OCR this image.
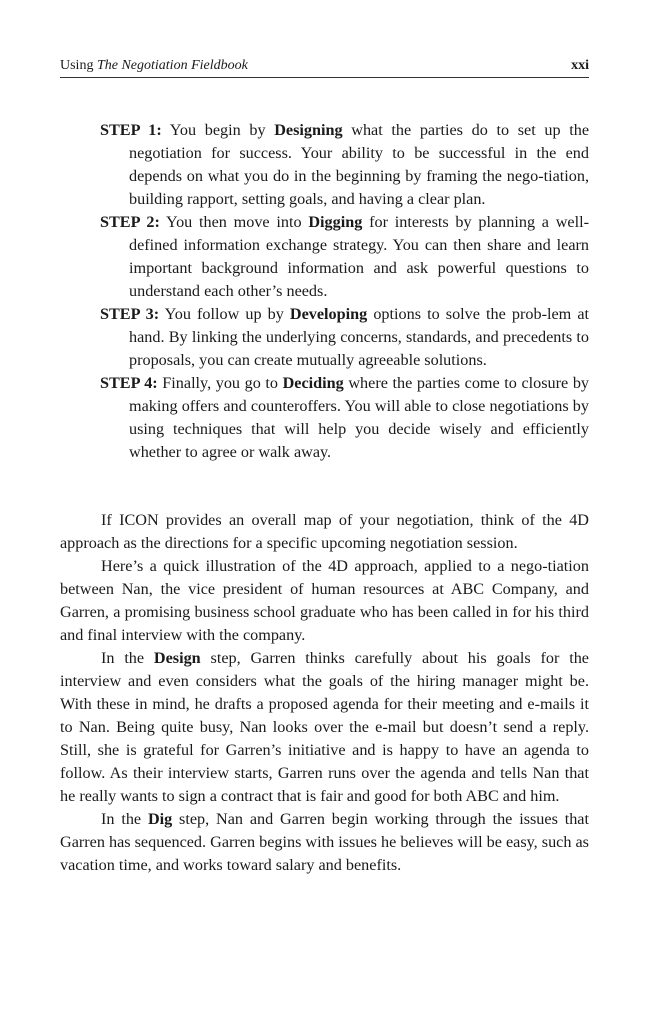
Using The Negotiation Fieldbook	xxi

STEP 1: You begin by Designing what the parties do to set up the negotiation for success. Your ability to be successful in the end depends on what you do in the beginning by framing the nego-tiation, building rapport, setting goals, and having a clear plan.

STEP 2: You then move into Digging for interests by planning a well-defined information exchange strategy. You can then share and learn important background information and ask powerful questions to understand each other’s needs.

STEP 3: You follow up by Developing options to solve the prob-lem at hand. By linking the underlying concerns, standards, and precedents to proposals, you can create mutually agreeable solutions.

STEP 4: Finally, you go to Deciding where the parties come to closure by making offers and counteroffers. You will able to close negotiations by using techniques that will help you decide wisely and efficiently whether to agree or walk away.

If ICON provides an overall map of your negotiation, think of the 4D approach as the directions for a specific upcoming negotiation session.

Here’s a quick illustration of the 4D approach, applied to a nego-tiation between Nan, the vice president of human resources at ABC Company, and Garren, a promising business school graduate who has been called in for his third and final interview with the company.

In the Design step, Garren thinks carefully about his goals for the interview and even considers what the goals of the hiring manager might be. With these in mind, he drafts a proposed agenda for their meeting and e-mails it to Nan. Being quite busy, Nan looks over the e-mail but doesn’t send a reply. Still, she is grateful for Garren’s initiative and is happy to have an agenda to follow. As their interview starts, Garren runs over the agenda and tells Nan that he really wants to sign a contract that is fair and good for both ABC and him.

In the Dig step, Nan and Garren begin working through the issues that Garren has sequenced. Garren begins with issues he believes will be easy, such as vacation time, and works toward salary and benefits.
